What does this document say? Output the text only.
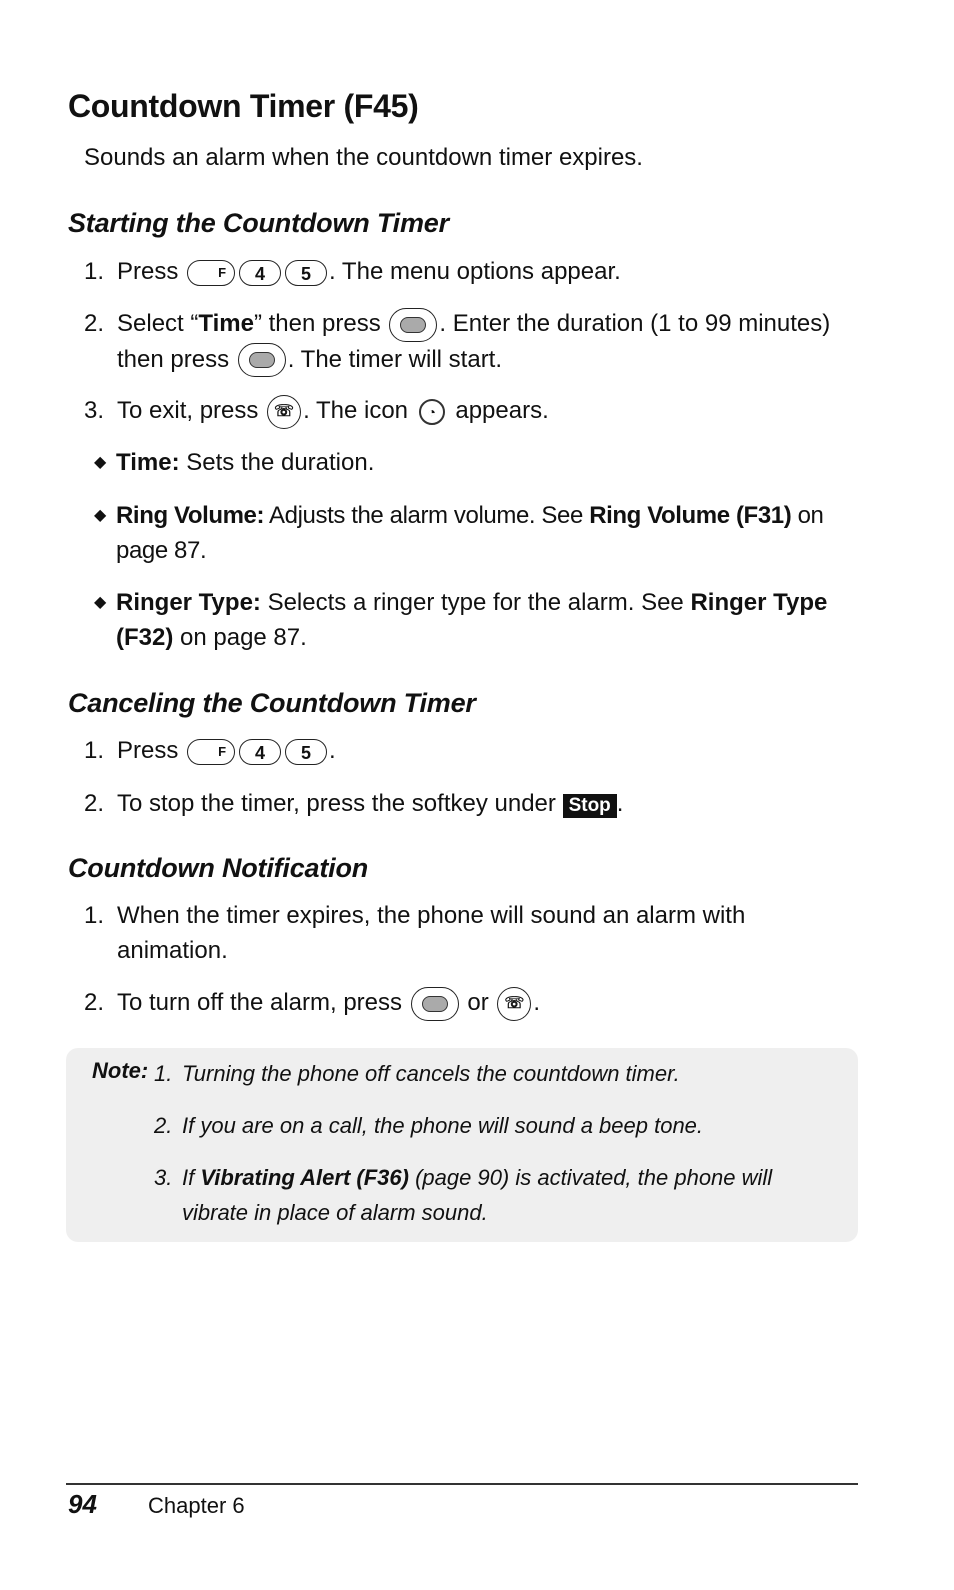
Countdown Timer (F45)

Sounds an alarm when the countdown timer expires.

Starting the Countdown Timer
1. Press F	4 5 . The menu options appear.
2. Select “Time” then press . Enter the duration (1 to 99 minutes) then press . The timer will start.
3. To exit, press ☏ . The icon ◔ appears.
◆ Time: Sets the duration.
◆ Ring Volume: Adjusts the alarm volume. See Ring Volume (F31) on page 87.
◆ Ringer Type: Selects a ringer type for the alarm. See Ringer Type (F32) on page 87.
Canceling the Countdown Timer
1. Press F	4 5 .
2. To stop the timer, press the softkey under Stop .
Countdown Notification
1. When the timer expires, the phone will sound an alarm with animation.
2. To turn off the alarm, press	or ☏ .
Note: 1. Turning the phone off cancels the countdown timer.
2. If you are on a call, the phone will sound a beep tone.
3. If Vibrating Alert (F36) (page 90) is activated, the phone will vibrate in place of alarm sound.
94 Chapter 6
